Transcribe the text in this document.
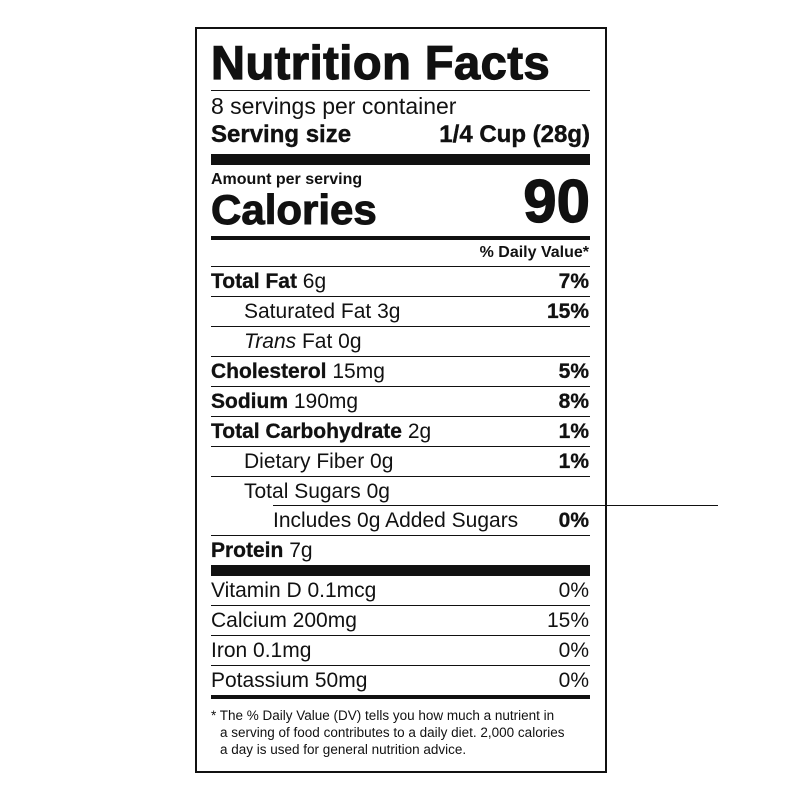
Nutrition Facts
8 servings per container
Serving size	1/4 Cup (28g)
Amount per serving
Calories 90
% Daily Value*
Total Fat 6g	7%
Saturated Fat 3g	15%
Trans Fat 0g
Cholesterol 15mg	5%
Sodium 190mg	8%
Total Carbohydrate 2g	1%
Dietary Fiber 0g	1%
Total Sugars 0g
Includes 0g Added Sugars 0%
Protein 7g
Vitamin D 0.1mcg	0%
Calcium 200mg	15%
Iron 0.1mg	0%
Potassium 50mg	0%
* The % Daily Value (DV) tells you how much a nutrient in
a serving of food contributes to a daily diet. 2,000 calories
a day is used for general nutrition advice.
